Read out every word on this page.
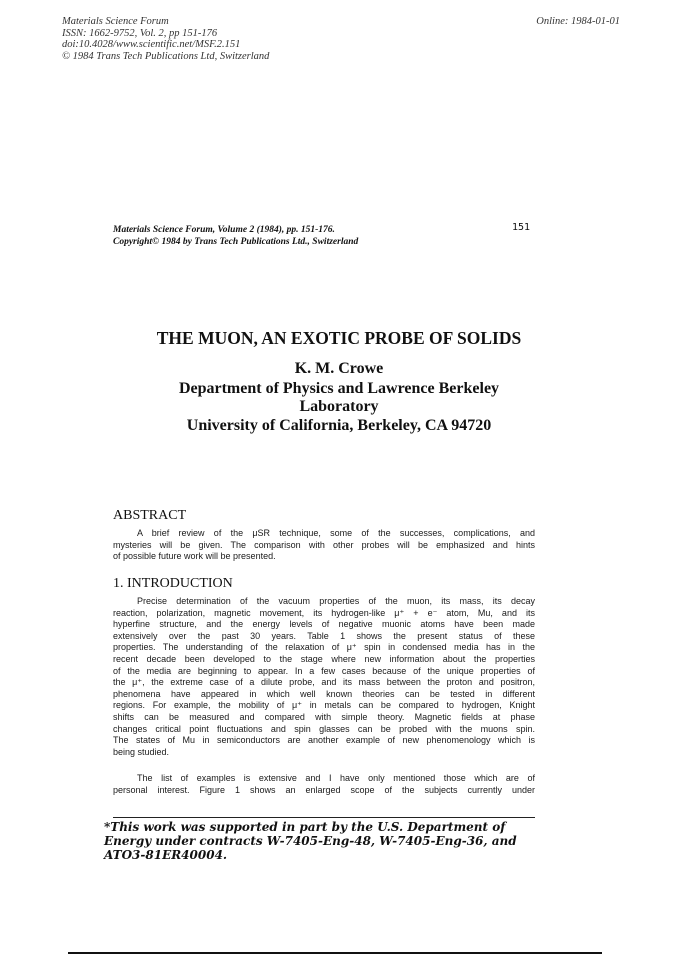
Materials Science Forum
ISSN: 1662-9752, Vol. 2, pp 151-176
doi:10.4028/www.scientific.net/MSF.2.151
© 1984 Trans Tech Publications Ltd, Switzerland
Online: 1984-01-01
Materials Science Forum, Volume 2 (1984), pp. 151-176.
Copyright© 1984 by Trans Tech Publications Ltd., Switzerland
151
THE MUON, AN EXOTIC PROBE OF SOLIDS
K. M. Crowe
Department of Physics and Lawrence Berkeley
Laboratory
University of California, Berkeley, CA 94720
ABSTRACT
A brief review of the μSR technique, some of the successes, complications, and
mysteries will be given. The comparison with other probes will be emphasized and hints
of possible future work will be presented.
1. INTRODUCTION
Precise determination of the vacuum properties of the muon, its mass, its decay
reaction, polarization, magnetic movement, its hydrogen-like μ⁺ + e⁻ atom, Mu, and its
hyperfine structure, and the energy levels of negative muonic atoms have been made
extensively over the past 30 years. Table 1 shows the present status of these
properties. The understanding of the relaxation of μ⁺ spin in condensed media has in the
recent decade been developed to the stage where new information about the properties
of the media are beginning to appear. In a few cases because of the unique properties of
the μ⁺, the extreme case of a dilute probe, and its mass between the proton and positron,
phenomena have appeared in which well known theories can be tested in different
regions. For example, the mobility of μ⁺ in metals can be compared to hydrogen, Knight
shifts can be measured and compared with simple theory. Magnetic fields at phase
changes critical point fluctuations and spin glasses can be probed with the muons spin.
The states of Mu in semiconductors are another example of new phenomenology which is
being studied.
The list of examples is extensive and I have only mentioned those which are of
personal interest. Figure 1 shows an enlarged scope of the subjects currently under
*This work was supported in part by the U.S. Department of
Energy under contracts W-7405-Eng-48, W-7405-Eng-36, and
ATO3-81ER40004.
